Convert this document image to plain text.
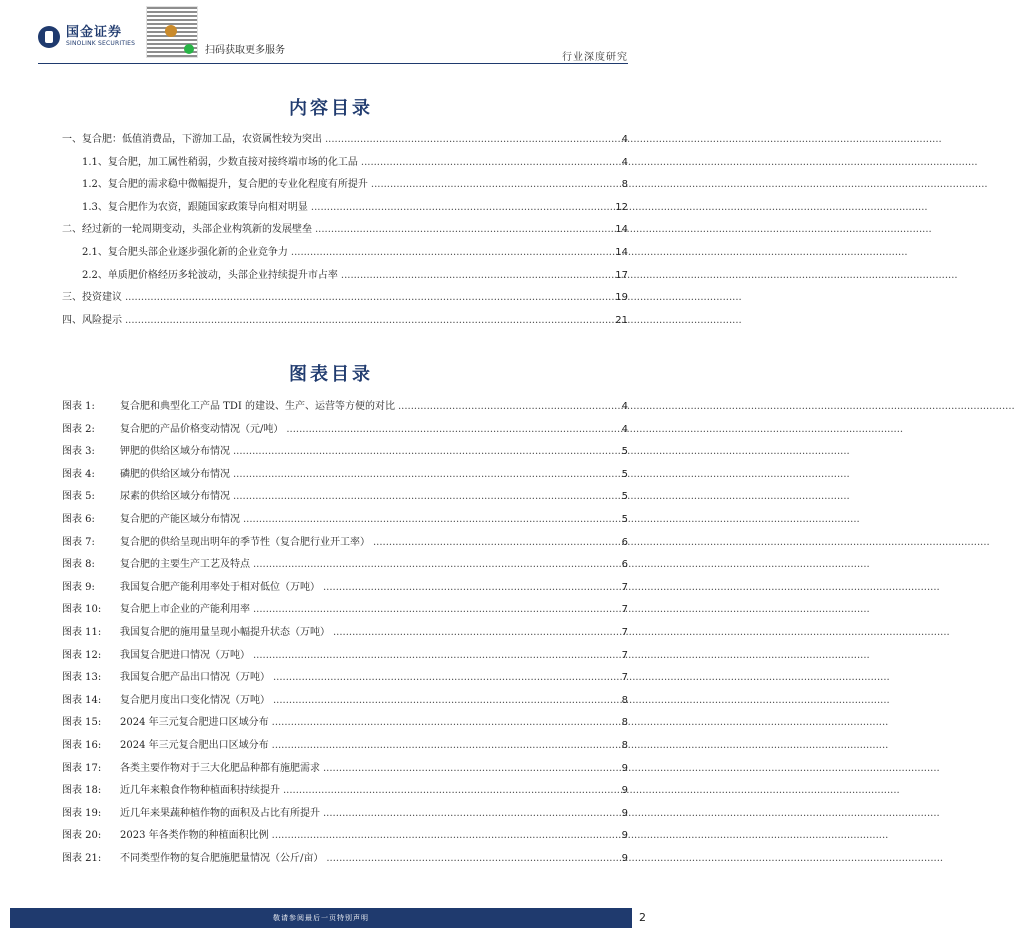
国金证券
SINOLINK SECURITIES
扫码获取更多服务
行业深度研究
内容目录
一、复合肥：低值消费品，下游加工品，农资属性较为突出 .....	4
1.1、复合肥，加工属性稍弱，少数直接对接终端市场的化工品 .....	4
1.2、复合肥的需求稳中微幅提升，复合肥的专业化程度有所提升 .....	8
1.3、复合肥作为农资，跟随国家政策导向相对明显 .....	12
二、经过新的一轮周期变动，头部企业构筑新的发展壁垒 .....	14
2.1、复合肥头部企业逐步强化新的企业竞争力 .....	14
2.2、单质肥价格经历多轮波动，头部企业持续提升市占率 .....	17
三、投资建议 .....	19
四、风险提示 .....	21
图表目录
图表 1:	复合肥和典型化工产品 TDI 的建设、生产、运营等方便的对比 .....	4
图表 2:	复合肥的产品价格变动情况（元/吨） .....	4
图表 3:	钾肥的供给区域分布情况 .....	5
图表 4:	磷肥的供给区域分布情况 .....	5
图表 5:	尿素的供给区域分布情况 .....	5
图表 6:	复合肥的产能区域分布情况 .....	5
图表 7:	复合肥的供给呈现出明年的季节性（复合肥行业开工率） .....	6
图表 8:	复合肥的主要生产工艺及特点 .....	6
图表 9:	我国复合肥产能利用率处于相对低位（万吨） .....	7
图表 10:	复合肥上市企业的产能利用率 .....	7
图表 11:	我国复合肥的施用量呈现小幅提升状态（万吨） .....	7
图表 12:	我国复合肥进口情况（万吨） .....	7
图表 13:	我国复合肥产品出口情况（万吨） .....	7
图表 14:	复合肥月度出口变化情况（万吨） .....	8
图表 15:	2024 年三元复合肥进口区域分布 .....	8
图表 16:	2024 年三元复合肥出口区域分布 .....	8
图表 17:	各类主要作物对于三大化肥品种都有施肥需求 .....	9
图表 18:	近几年来粮食作物种植面积持续提升 .....	9
图表 19:	近几年来果蔬种植作物的面积及占比有所提升 .....	9
图表 20:	2023 年各类作物的种植面积比例 .....	9
图表 21:	不同类型作物的复合肥施肥量情况（公斤/亩） .....	9
敬请参阅最后一页特别声明	2
